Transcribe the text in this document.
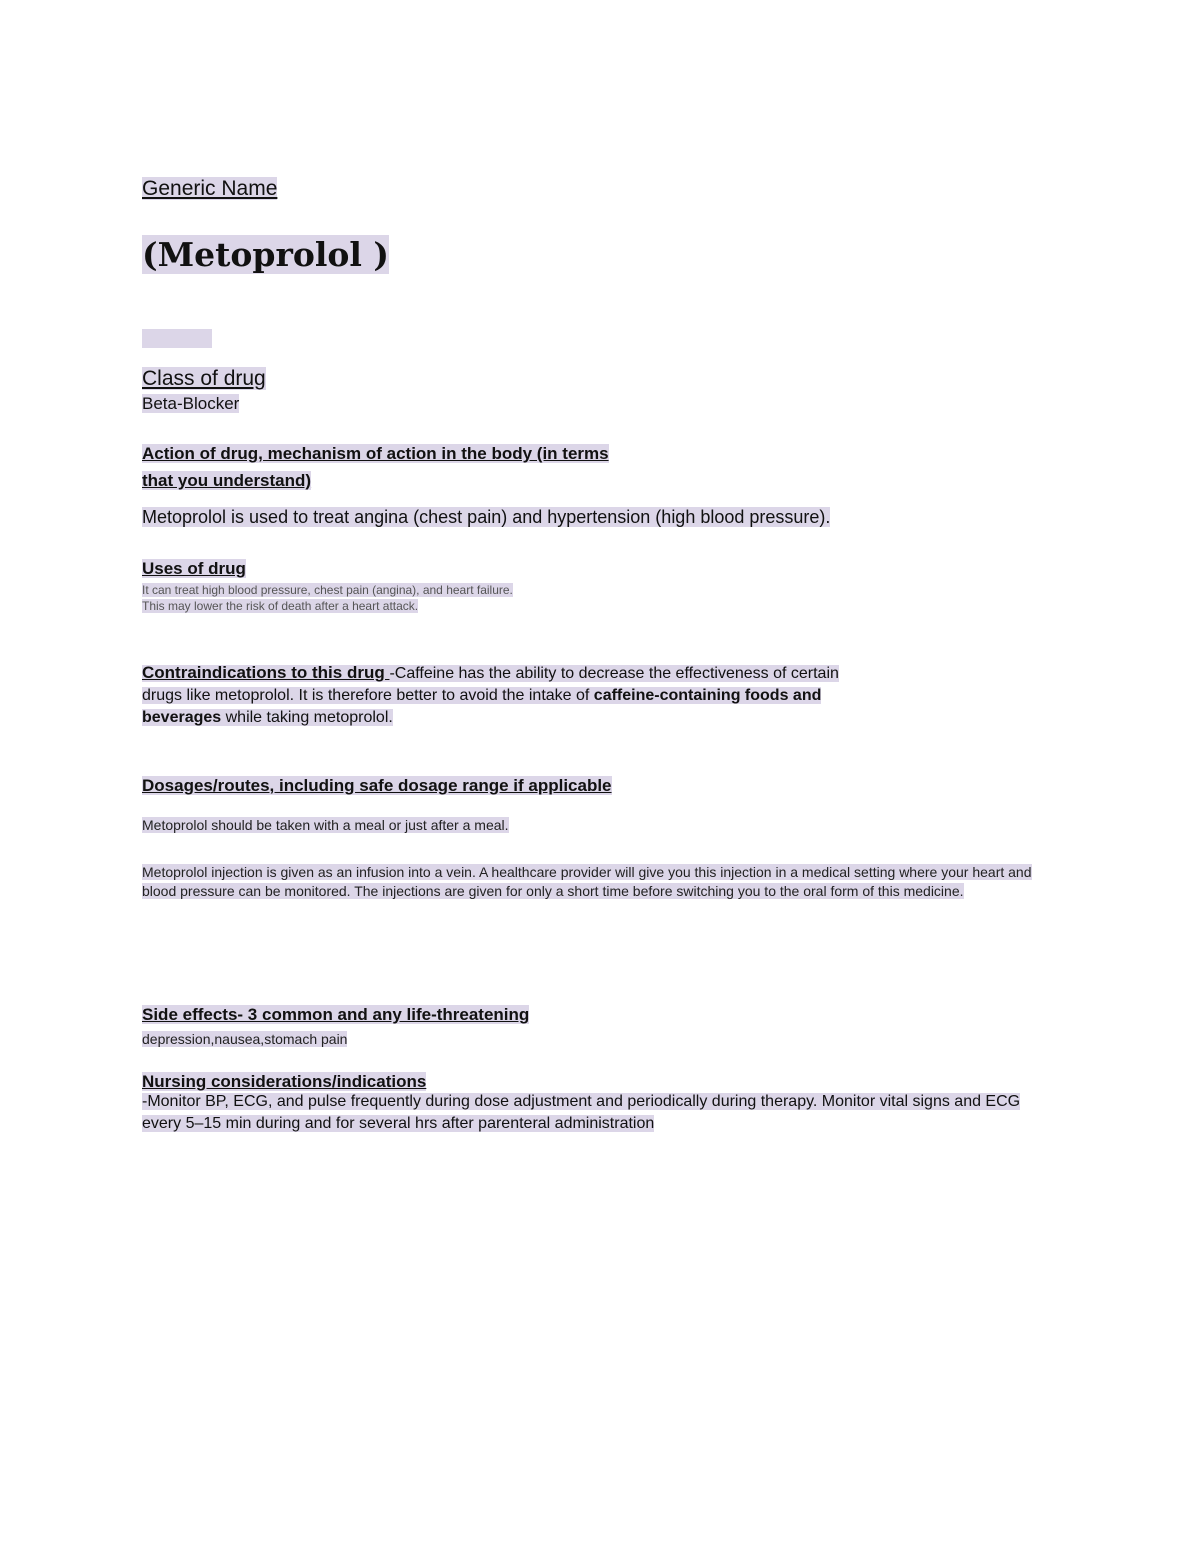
Generic Name
(Metoprolol )
Class of drug
Beta-Blocker
Action of drug, mechanism of action in the body (in terms
that you understand)
Metoprolol is used to treat angina (chest pain) and hypertension (high blood pressure).
Uses of drug
It can treat high blood pressure, chest pain (angina), and heart failure.
This may lower the risk of death after a heart attack.
Contraindications to this drug -Caffeine has the ability to decrease the effectiveness of certain drugs like metoprolol. It is therefore better to avoid the intake of caffeine-containing foods and beverages while taking metoprolol.
Dosages/routes, including safe dosage range if applicable
Metoprolol should be taken with a meal or just after a meal.
Metoprolol injection is given as an infusion into a vein. A healthcare provider will give you this injection in a medical setting where your heart and blood pressure can be monitored. The injections are given for only a short time before switching you to the oral form of this medicine.
Side effects- 3 common and any life-threatening
depression,nausea,stomach pain
Nursing considerations/indications
-Monitor BP, ECG, and pulse frequently during dose adjustment and periodically during therapy. Monitor vital signs and ECG every 5–15 min during and for several hrs after parenteral administration
